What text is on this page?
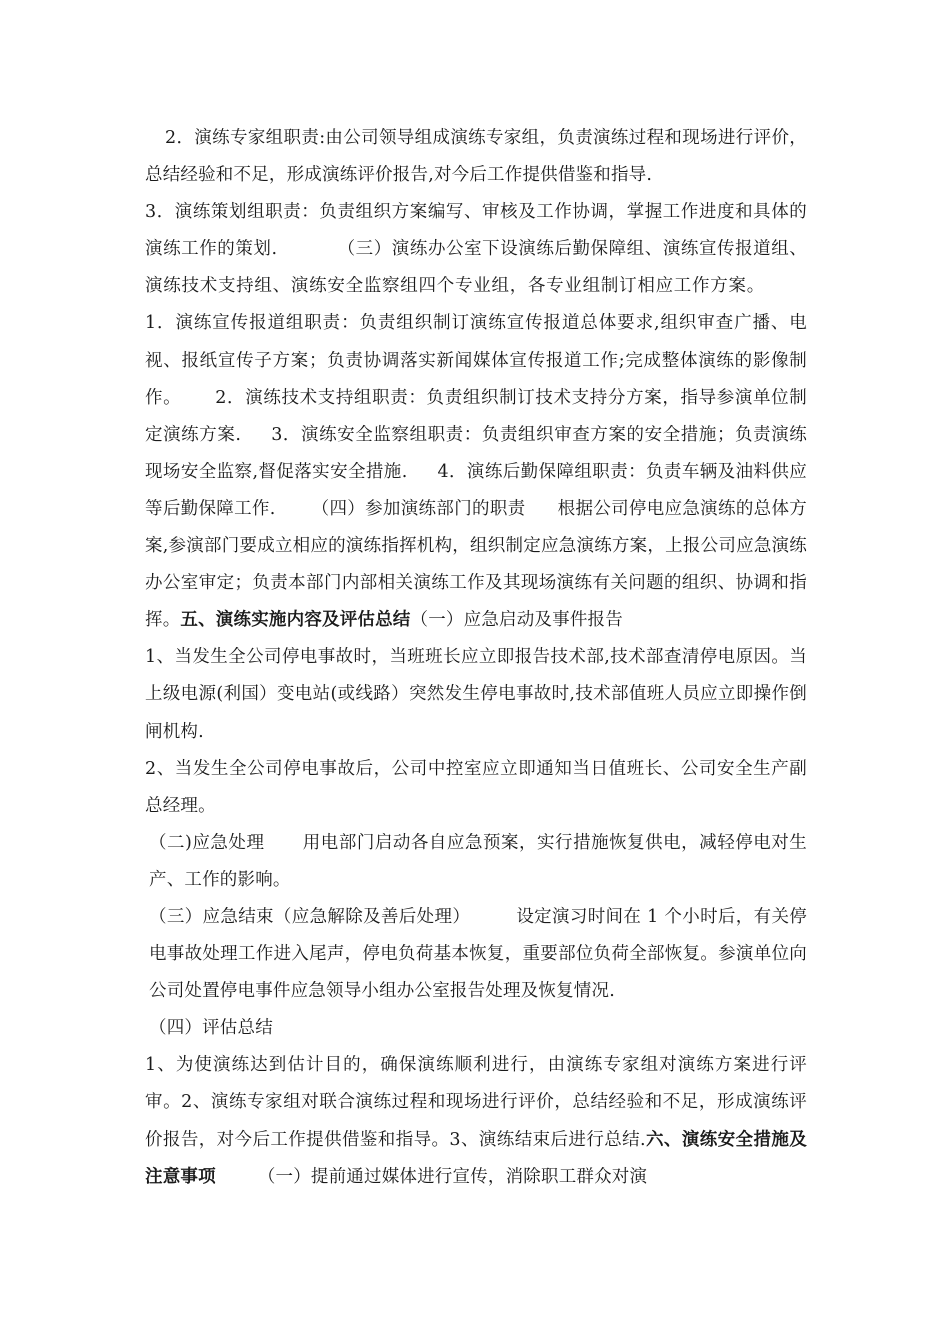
2．演练专家组职责:由公司领导组成演练专家组，负责演练过程和现场进行评价，总结经验和不足，形成演练评价报告,对今后工作提供借鉴和指导.

3．演练策划组职责：负责组织方案编写、审核及工作协调，掌握工作进度和具体的演练工作的策划.	（三）演练办公室下设演练后勤保障组、演练宣传报道组、演练技术支持组、演练安全监察组四个专业组，各专业组制订相应工作方案。1．演练宣传报道组职责：负责组织制订演练宣传报道总体要求,组织审查广播、电视、报纸宣传子方案；负责协调落实新闻媒体宣传报道工作;完成整体演练的影像制作。 2．演练技术支持组职责：负责组织制订技术支持分方案，指导参演单位制定演练方案. 3．演练安全监察组职责：负责组织审查方案的安全措施；负责演练现场安全监察,督促落实安全措施. 4．演练后勤保障组职责：负责车辆及油料供应等后勤保障工作. （四）参加演练部门的职责 根据公司停电应急演练的总体方案,参演部门要成立相应的演练指挥机构，组织制定应急演练方案，上报公司应急演练办公室审定；负责本部门内部相关演练工作及其现场演练有关问题的组织、协调和指挥。五、演练实施内容及评估总结（一）应急启动及事件报告

1、当发生全公司停电事故时，当班班长应立即报告技术部,技术部查清停电原因。当上级电源(利国）变电站(或线路）突然发生停电事故时,技术部值班人员应立即操作倒闸机构.

2、当发生全公司停电事故后，公司中控室应立即通知当日值班长、公司安全生产副总经理。

（二)应急处理 用电部门启动各自应急预案，实行措施恢复供电，减轻停电对生产、工作的影响。

（三）应急结束（应急解除及善后处理）	设定演习时间在 1 个小时后，有关停电事故处理工作进入尾声，停电负荷基本恢复，重要部位负荷全部恢复。参演单位向公司处置停电事件应急领导小组办公室报告处理及恢复情况.

（四）评估总结

1、为使演练达到估计目的，确保演练顺利进行，由演练专家组对演练方案进行评审。2、演练专家组对联合演练过程和现场进行评价，总结经验和不足，形成演练评价报告，对今后工作提供借鉴和指导。3、演练结束后进行总结.六、演练安全措施及注意事项 （一）提前通过媒体进行宣传，消除职工群众对演
